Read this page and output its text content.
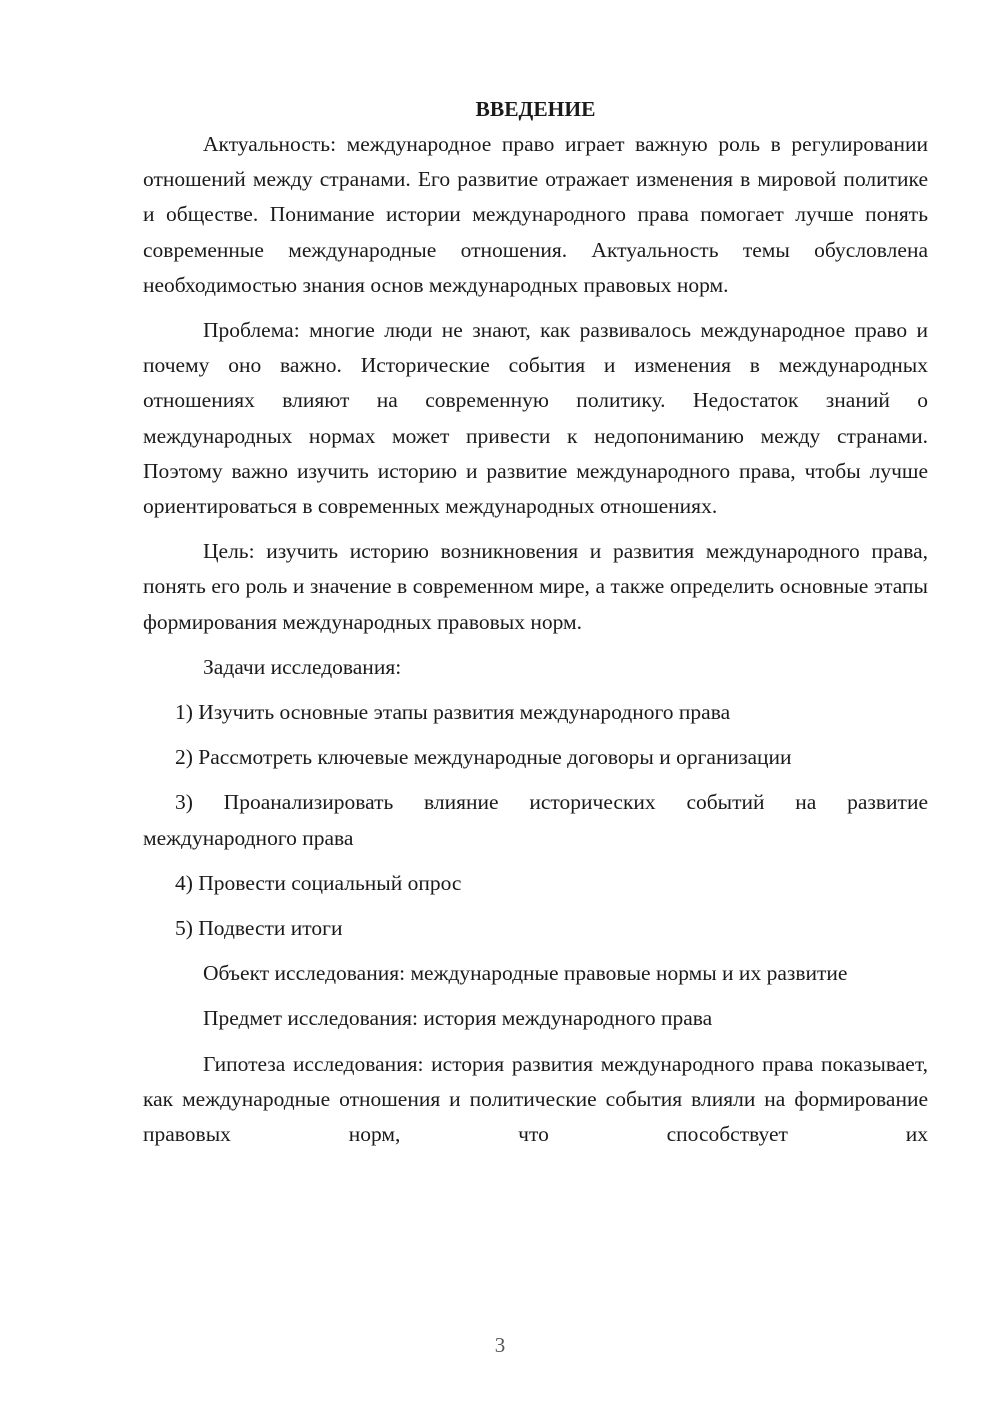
ВВЕДЕНИЕ

Актуальность: международное право играет важную роль в регулировании отношений между странами. Его развитие отражает изменения в мировой политике и обществе. Понимание истории международного права помогает лучше понять современные международные отношения. Актуальность темы обусловлена необходимостью знания основ международных правовых норм.

Проблема: многие люди не знают, как развивалось международное право и почему оно важно. Исторические события и изменения в международных отношениях влияют на современную политику. Недостаток знаний о международных нормах может привести к недопониманию между странами. Поэтому важно изучить историю и развитие международного права, чтобы лучше ориентироваться в современных международных отношениях.

Цель: изучить историю возникновения и развития международного права, понять его роль и значение в современном мире, а также определить основные этапы формирования международных правовых норм.

Задачи исследования:

1) Изучить основные этапы развития международного права

2) Рассмотреть ключевые международные договоры и организации

3) Проанализировать влияние исторических событий на развитие международного права

4) Провести социальный опрос

5) Подвести итоги

Объект исследования: международные правовые нормы и их развитие

Предмет исследования: история международного права

Гипотеза исследования: история развития международного права показывает, как международные отношения и политические события влияли на формирование правовых норм, что способствует их

3
